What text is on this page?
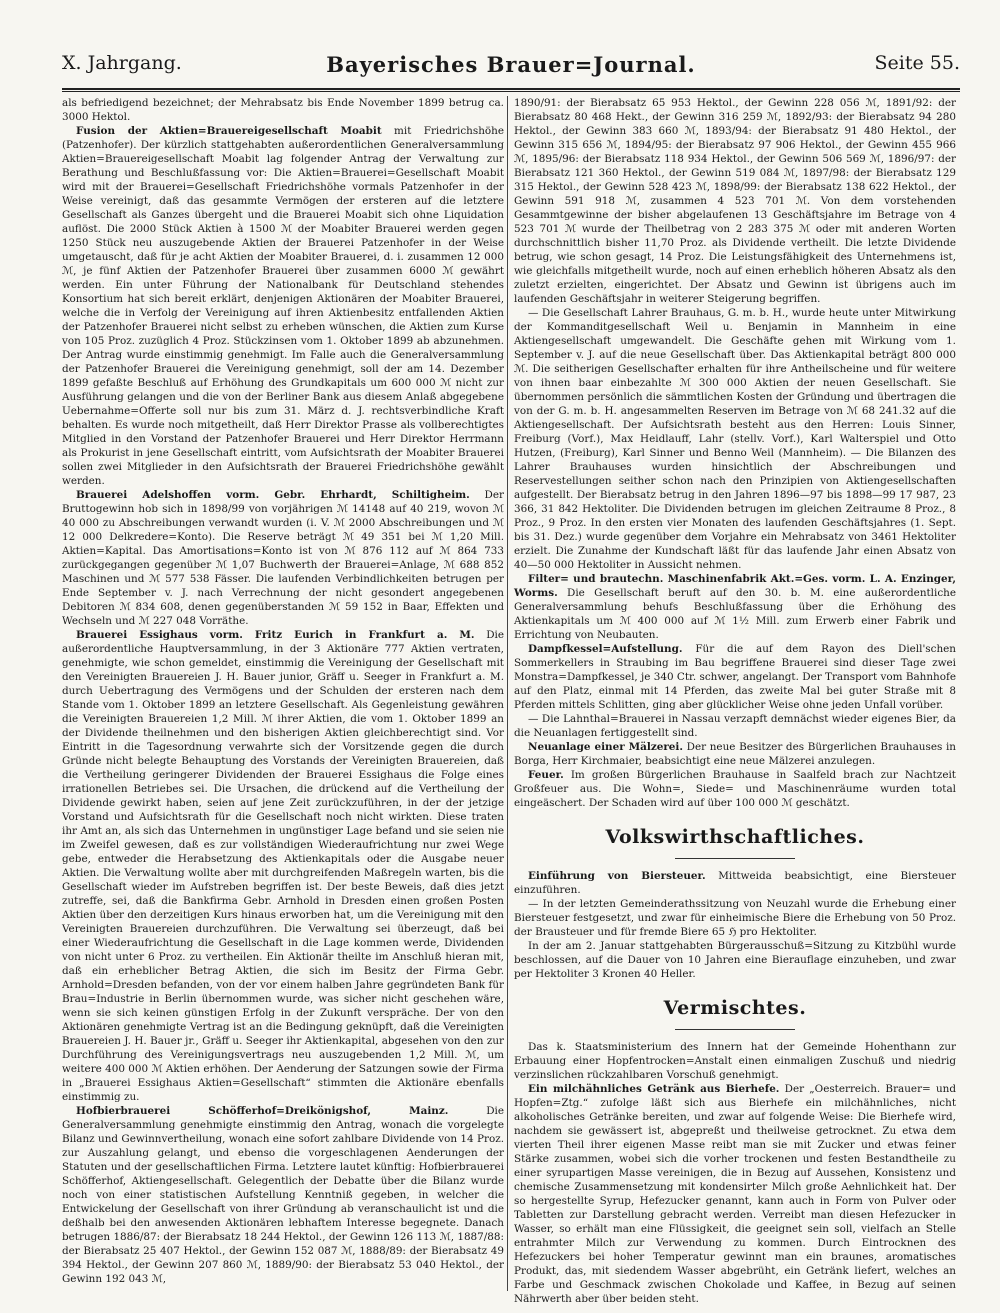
X. Jahrgang.	Bayerisches Brauer=Journal.	Seite 55.

als befriedigend bezeichnet; der Mehrabsatz bis Ende November 1899 betrug ca. 3000 Hektol.

Fusion der Aktien=Brauereigesellschaft Moabit mit Friedrichshöhe (Patzenhofer). Der kürzlich stattgehabten außerordentlichen Generalversammlung Aktien=Brauereigesellschaft Moabit lag folgender Antrag der Verwaltung zur Berathung und Beschlußfassung vor: Die Aktien=Brauerei=Gesellschaft Moabit wird mit der Brauerei=Gesellschaft Friedrichshöhe vormals Patzenhofer in der Weise vereinigt, daß das gesammte Vermögen der ersteren auf die letztere Gesellschaft als Ganzes übergeht und die Brauerei Moabit sich ohne Liquidation auflöst. Die 2000 Stück Aktien à 1500 ℳ der Moabiter Brauerei werden gegen 1250 Stück neu auszugebende Aktien der Brauerei Patzenhofer in der Weise umgetauscht, daß für je acht Aktien der Moabiter Brauerei, d. i. zusammen 12 000 ℳ, je fünf Aktien der Patzenhofer Brauerei über zusammen 6000 ℳ gewährt werden. Ein unter Führung der Nationalbank für Deutschland stehendes Konsortium hat sich bereit erklärt, denjenigen Aktionären der Moabiter Brauerei, welche die in Verfolg der Vereinigung auf ihren Aktienbesitz entfallenden Aktien der Patzenhofer Brauerei nicht selbst zu erheben wünschen, die Aktien zum Kurse von 105 Proz. zuzüglich 4 Proz. Stückzinsen vom 1. Oktober 1899 ab abzunehmen. Der Antrag wurde einstimmig genehmigt. Im Falle auch die Generalversammlung der Patzenhofer Brauerei die Vereinigung genehmigt, soll der am 14. Dezember 1899 gefaßte Beschluß auf Erhöhung des Grundkapitals um 600 000 ℳ nicht zur Ausführung gelangen und die von der Berliner Bank aus diesem Anlaß abgegebene Uebernahme=Offerte soll nur bis zum 31. März d. J. rechtsverbindliche Kraft behalten. Es wurde noch mitgetheilt, daß Herr Direktor Prasse als vollberechtigtes Mitglied in den Vorstand der Patzenhofer Brauerei und Herr Direktor Herrmann als Prokurist in jene Gesellschaft eintritt, vom Aufsichtsrath der Moabiter Brauerei sollen zwei Mitglieder in den Aufsichtsrath der Brauerei Friedrichshöhe gewählt werden.

Brauerei Adelshoffen vorm. Gebr. Ehrhardt, Schiltigheim. Der Bruttogewinn hob sich in 1898/99 von vorjährigen ℳ 14148 auf 40 219, wovon ℳ 40 000 zu Abschreibungen verwandt wurden (i. V. ℳ 2000 Abschreibungen und ℳ 12 000 Delkredere=Konto). Die Reserve beträgt ℳ 49 351 bei ℳ 1,20 Mill. Aktien=Kapital. Das Amortisations=Konto ist von ℳ 876 112 auf ℳ 864 733 zurückgegangen gegenüber ℳ 1,07 Buchwerth der Brauerei=Anlage, ℳ 688 852 Maschinen und ℳ 577 538 Fässer. Die laufenden Verbindlichkeiten betrugen per Ende September v. J. nach Verrechnung der nicht gesondert angegebenen Debitoren ℳ 834 608, denen gegenüberstanden ℳ 59 152 in Baar, Effekten und Wechseln und ℳ 227 048 Vorräthe.

Brauerei Essighaus vorm. Fritz Eurich in Frankfurt a. M. Die außerordentliche Hauptversammlung, in der 3 Aktionäre 777 Aktien vertraten, genehmigte, wie schon gemeldet, einstimmig die Vereinigung der Gesellschaft mit den Vereinigten Brauereien J. H. Bauer junior, Gräff u. Seeger in Frankfurt a. M. durch Uebertragung des Vermögens und der Schulden der ersteren nach dem Stande vom 1. Oktober 1899 an letztere Gesellschaft. Als Gegenleistung gewähren die Vereinigten Brauereien 1,2 Mill. ℳ ihrer Aktien, die vom 1. Oktober 1899 an der Dividende theilnehmen und den bisherigen Aktien gleichberechtigt sind. Vor Eintritt in die Tagesordnung verwahrte sich der Vorsitzende gegen die durch Gründe nicht belegte Behauptung des Vorstands der Vereinigten Brauereien, daß die Vertheilung geringerer Dividenden der Brauerei Essighaus die Folge eines irrationellen Betriebes sei. Die Ursachen, die drückend auf die Vertheilung der Dividende gewirkt haben, seien auf jene Zeit zurückzuführen, in der der jetzige Vorstand und Aufsichtsrath für die Gesellschaft noch nicht wirkten. Diese traten ihr Amt an, als sich das Unternehmen in ungünstiger Lage befand und sie seien nie im Zweifel gewesen, daß es zur vollständigen Wiederaufrichtung nur zwei Wege gebe, entweder die Herabsetzung des Aktienkapitals oder die Ausgabe neuer Aktien. Die Verwaltung wollte aber mit durchgreifenden Maßregeln warten, bis die Gesellschaft wieder im Aufstreben begriffen ist. Der beste Beweis, daß dies jetzt zutreffe, sei, daß die Bankfirma Gebr. Arnhold in Dresden einen großen Posten Aktien über den derzeitigen Kurs hinaus erworben hat, um die Vereinigung mit den Vereinigten Brauereien durchzuführen. Die Verwaltung sei überzeugt, daß bei einer Wiederaufrichtung die Gesellschaft in die Lage kommen werde, Dividenden von nicht unter 6 Proz. zu vertheilen. Ein Aktionär theilte im Anschluß hieran mit, daß ein erheblicher Betrag Aktien, die sich im Besitz der Firma Gebr. Arnhold=Dresden befanden, von der vor einem halben Jahre gegründeten Bank für Brau=Industrie in Berlin übernommen wurde, was sicher nicht geschehen wäre, wenn sie sich keinen günstigen Erfolg in der Zukunft verspräche. Der von den Aktionären genehmigte Vertrag ist an die Bedingung geknüpft, daß die Vereinigten Brauereien J. H. Bauer jr., Gräff u. Seeger ihr Aktienkapital, abgesehen von den zur Durchführung des Vereinigungsvertrags neu auszugebenden 1,2 Mill. ℳ, um weitere 400 000 ℳ Aktien erhöhen. Der Aenderung der Satzungen sowie der Firma in „Brauerei Essighaus Aktien=Gesellschaft“ stimmten die Aktionäre ebenfalls einstimmig zu.

Hofbierbrauerei Schöfferhof=Dreikönigshof, Mainz.	Die Generalversammlung genehmigte einstimmig den Antrag, wonach die vorgelegte Bilanz und Gewinnvertheilung, wonach eine sofort zahlbare Dividende von 14 Proz. zur Auszahlung gelangt, und ebenso die vorgeschlagenen Aenderungen der Statuten und der gesellschaftlichen Firma. Letztere lautet künftig: Hofbierbrauerei Schöfferhof, Aktiengesellschaft. Gelegentlich der Debatte über die Bilanz wurde noch von einer statistischen Aufstellung Kenntniß gegeben, in welcher die Entwickelung der Gesellschaft von ihrer Gründung ab veranschaulicht ist und die deßhalb bei den anwesenden Aktionären lebhaftem Interesse begegnete. Danach betrugen 1886/87: der Bierabsatz 18 244 Hektol., der Gewinn 126 113 ℳ, 1887/88: der Bierabsatz 25 407 Hektol., der Gewinn 152 087 ℳ, 1888/89: der Bierabsatz 49 394 Hektol., der Gewinn 207 860 ℳ, 1889/90: der Bierabsatz 53 040 Hektol., der Gewinn 192 043 ℳ,

1890/91: der Bierabsatz 65 953 Hektol., der Gewinn 228 056 ℳ, 1891/92: der Bierabsatz 80 468 Hekt., der Gewinn 316 259 ℳ, 1892/93: der Bierabsatz 94 280 Hektol., der Gewinn 383 660 ℳ, 1893/94: der Bierabsatz 91 480 Hektol., der Gewinn 315 656 ℳ, 1894/95: der Bierabsatz 97 906 Hektol., der Gewinn 455 966 ℳ, 1895/96: der Bierabsatz 118 934 Hektol., der Gewinn 506 569 ℳ, 1896/97: der Bierabsatz 121 360 Hektol., der Gewinn 519 084 ℳ, 1897/98: der Bierabsatz 129 315 Hektol., der Gewinn 528 423 ℳ, 1898/99: der Bierabsatz 138 622 Hektol., der Gewinn 591 918 ℳ, zusammen 4 523 701 ℳ. Von dem vorstehenden Gesammtgewinne der bisher abgelaufenen 13 Geschäftsjahre im Betrage von 4 523 701 ℳ wurde der Theilbetrag von 2 283 375 ℳ oder mit anderen Worten durchschnittlich bisher 11,70 Proz. als Dividende vertheilt. Die letzte Dividende betrug, wie schon gesagt, 14 Proz. Die Leistungsfähigkeit des Unternehmens ist, wie gleichfalls mitgetheilt wurde, noch auf einen erheblich höheren Absatz als den zuletzt erzielten, eingerichtet. Der Absatz und Gewinn ist übrigens auch im laufenden Geschäftsjahr in weiterer Steigerung begriffen.

— Die Gesellschaft Lahrer Brauhaus, G. m. b. H., wurde heute unter Mitwirkung der Kommanditgesellschaft Weil u. Benjamin in Mannheim in eine Aktiengesellschaft umgewandelt. Die Geschäfte gehen mit Wirkung vom 1. September v. J. auf die neue Gesellschaft über. Das Aktienkapital beträgt 800 000 ℳ. Die seitherigen Gesellschafter erhalten für ihre Antheilscheine und für weitere von ihnen baar einbezahlte ℳ 300 000 Aktien der neuen Gesellschaft. Sie übernommen persönlich die sämmtlichen Kosten der Gründung und übertragen die von der G. m. b. H. angesammelten Reserven im Betrage von ℳ 68 241.32 auf die Aktiengesellschaft. Der Aufsichtsrath besteht aus den Herren: Louis Sinner, Freiburg (Vorf.), Max Heidlauff, Lahr (stellv. Vorf.), Karl Walterspiel und Otto Hutzen, (Freiburg), Karl Sinner und Benno Weil (Mannheim). — Die Bilanzen des Lahrer Brauhauses wurden hinsichtlich der Abschreibungen und Reservestellungen seither schon nach den Prinzipien von Aktiengesellschaften aufgestellt. Der Bierabsatz betrug in den Jahren 1896—97 bis 1898—99 17 987, 23 366, 31 842 Hektoliter. Die Dividenden betrugen im gleichen Zeitraume 8 Proz., 8 Proz., 9 Proz. In den ersten vier Monaten des laufenden Geschäftsjahres (1. Sept. bis 31. Dez.) wurde gegenüber dem Vorjahre ein Mehrabsatz von 3461 Hektoliter erzielt. Die Zunahme der Kundschaft läßt für das laufende Jahr einen Absatz von 40—50 000 Hektoliter in Aussicht nehmen.

Filter= und brautechn. Maschinenfabrik Akt.=Ges. vorm. L. A. Enzinger, Worms. Die Gesellschaft beruft auf den 30. b. M. eine außerordentliche Generalversammlung behufs Beschlußfassung über die Erhöhung des Aktienkapitals um ℳ 400 000 auf ℳ 1½ Mill. zum Erwerb einer Fabrik und Errichtung von Neubauten.

Dampfkessel=Aufstellung. Für die auf dem Rayon des Diell'schen Sommerkellers in Straubing im Bau begriffene Brauerei sind dieser Tage zwei Monstra=Dampfkessel, je 340 Ctr. schwer, angelangt. Der Transport vom Bahnhofe auf den Platz, einmal mit 14 Pferden, das zweite Mal bei guter Straße mit 8 Pferden mittels Schlitten, ging aber glücklicher Weise ohne jeden Unfall vorüber.

— Die Lahnthal=Brauerei in Nassau verzapft demnächst wieder eigenes Bier, da die Neuanlagen fertiggestellt sind.

Neuanlage einer Mälzerei. Der neue Besitzer des Bürgerlichen Brauhauses in Borga, Herr Kirchmaier, beabsichtigt eine neue Mälzerei anzulegen.

Feuer. Im großen Bürgerlichen Brauhause in Saalfeld brach zur Nachtzeit Großfeuer aus. Die Wohn=, Siede= und Maschinenräume wurden total eingeäschert. Der Schaden wird auf über 100 000 ℳ geschätzt.

Volkswirthschaftliches.

Einführung von Biersteuer. Mittweida beabsichtigt, eine Biersteuer einzuführen.

— In der letzten Gemeinderathssitzung von Neuzahl wurde die Erhebung einer Biersteuer festgesetzt, und zwar für einheimische Biere die Erhebung von 50 Proz. der Brausteuer und für fremde Biere 65 ℌ pro Hektoliter.

In der am 2. Januar stattgehabten Bürgerausschuß=Sitzung zu Kitzbühl wurde beschlossen, auf die Dauer von 10 Jahren eine Bierauflage einzuheben, und zwar per Hektoliter 3 Kronen 40 Heller.

Vermischtes.

Das k. Staatsministerium des Innern hat der Gemeinde Hohenthann zur Erbauung einer Hopfentrocken=Anstalt einen einmaligen Zuschuß und niedrig verzinslichen rückzahlbaren Vorschuß genehmigt.

Ein milchähnliches Getränk aus Bierhefe. Der „Oesterreich. Brauer= und Hopfen=Ztg.“ zufolge läßt sich aus Bierhefe ein milchähnliches, nicht alkoholisches Getränke bereiten, und zwar auf folgende Weise: Die Bierhefe wird, nachdem sie gewässert ist, abgepreßt und theilweise getrocknet. Zu etwa dem vierten Theil ihrer eigenen Masse reibt man sie mit Zucker und etwas feiner Stärke zusammen, wobei sich die vorher trockenen und festen Bestandtheile zu einer syrupartigen Masse vereinigen, die in Bezug auf Aussehen, Konsistenz und chemische Zusammensetzung mit kondensirter Milch große Aehnlichkeit hat. Der so hergestellte Syrup, Hefezucker genannt, kann auch in Form von Pulver oder Tabletten zur Darstellung gebracht werden. Verreibt man diesen Hefezucker in Wasser, so erhält man eine Flüssigkeit, die geeignet sein soll, vielfach an Stelle entrahmter Milch zur Verwendung zu kommen. Durch Eintrocknen des Hefezuckers bei hoher Temperatur gewinnt man ein braunes, aromatisches Produkt, das, mit siedendem Wasser abgebrüht, ein Getränk liefert, welches an Farbe und Geschmack zwischen Chokolade und Kaffee, in Bezug auf seinen Nährwerth aber über beiden steht.
